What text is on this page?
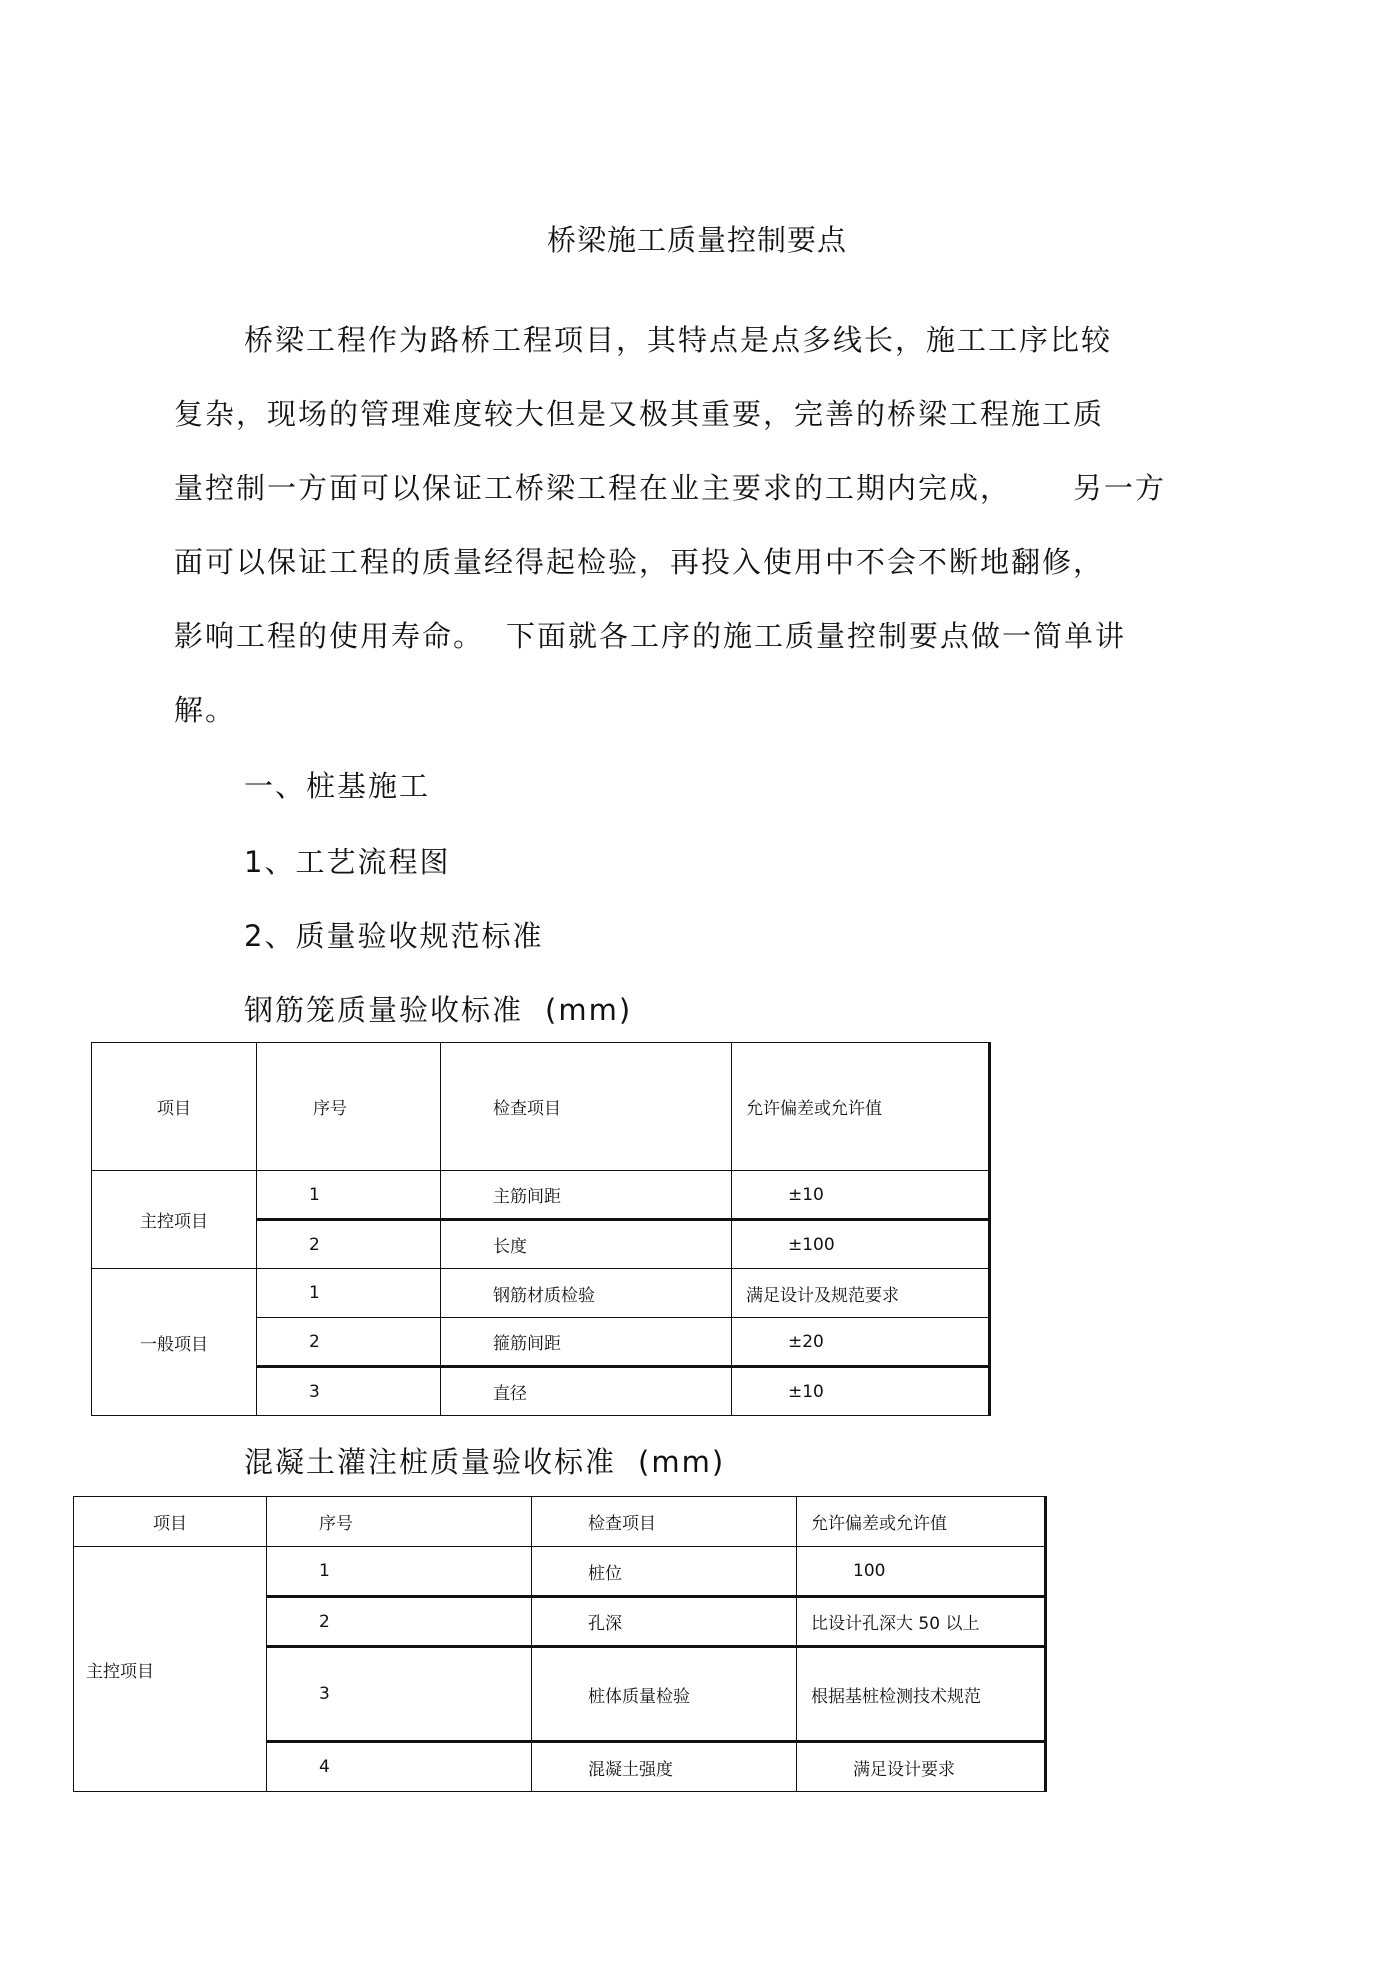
桥梁施工质量控制要点
桥梁工程作为路桥工程项目，其特点是点多线长，施工工序比较
复杂，现场的管理难度较大但是又极其重要，完善的桥梁工程施工质
量控制一方面可以保证工桥梁工程在业主要求的工期内完成， 另一方
面可以保证工程的质量经得起检验，再投入使用中不会不断地翻修，
影响工程的使用寿命。 下面就各工序的施工质量控制要点做一简单讲
解。
一、桩基施工
1、工艺流程图
2、质量验收规范标准
钢筋笼质量验收标准 (mm)
项目	序号	检查项目	允许偏差或允许值
主控项目	1	主筋间距	±10
	2	长度	±100
一般项目	1	钢筋材质检验	满足设计及规范要求
	2	箍筋间距	±20
	3	直径	±10
混凝土灌注桩质量验收标准 (mm)
项目	序号	检查项目	允许偏差或允许值
主控项目	1	桩位	100
	2	孔深	比设计孔深大 50 以上
	3	桩体质量检验	根据基桩检测技术规范
	4	混凝土强度	满足设计要求
